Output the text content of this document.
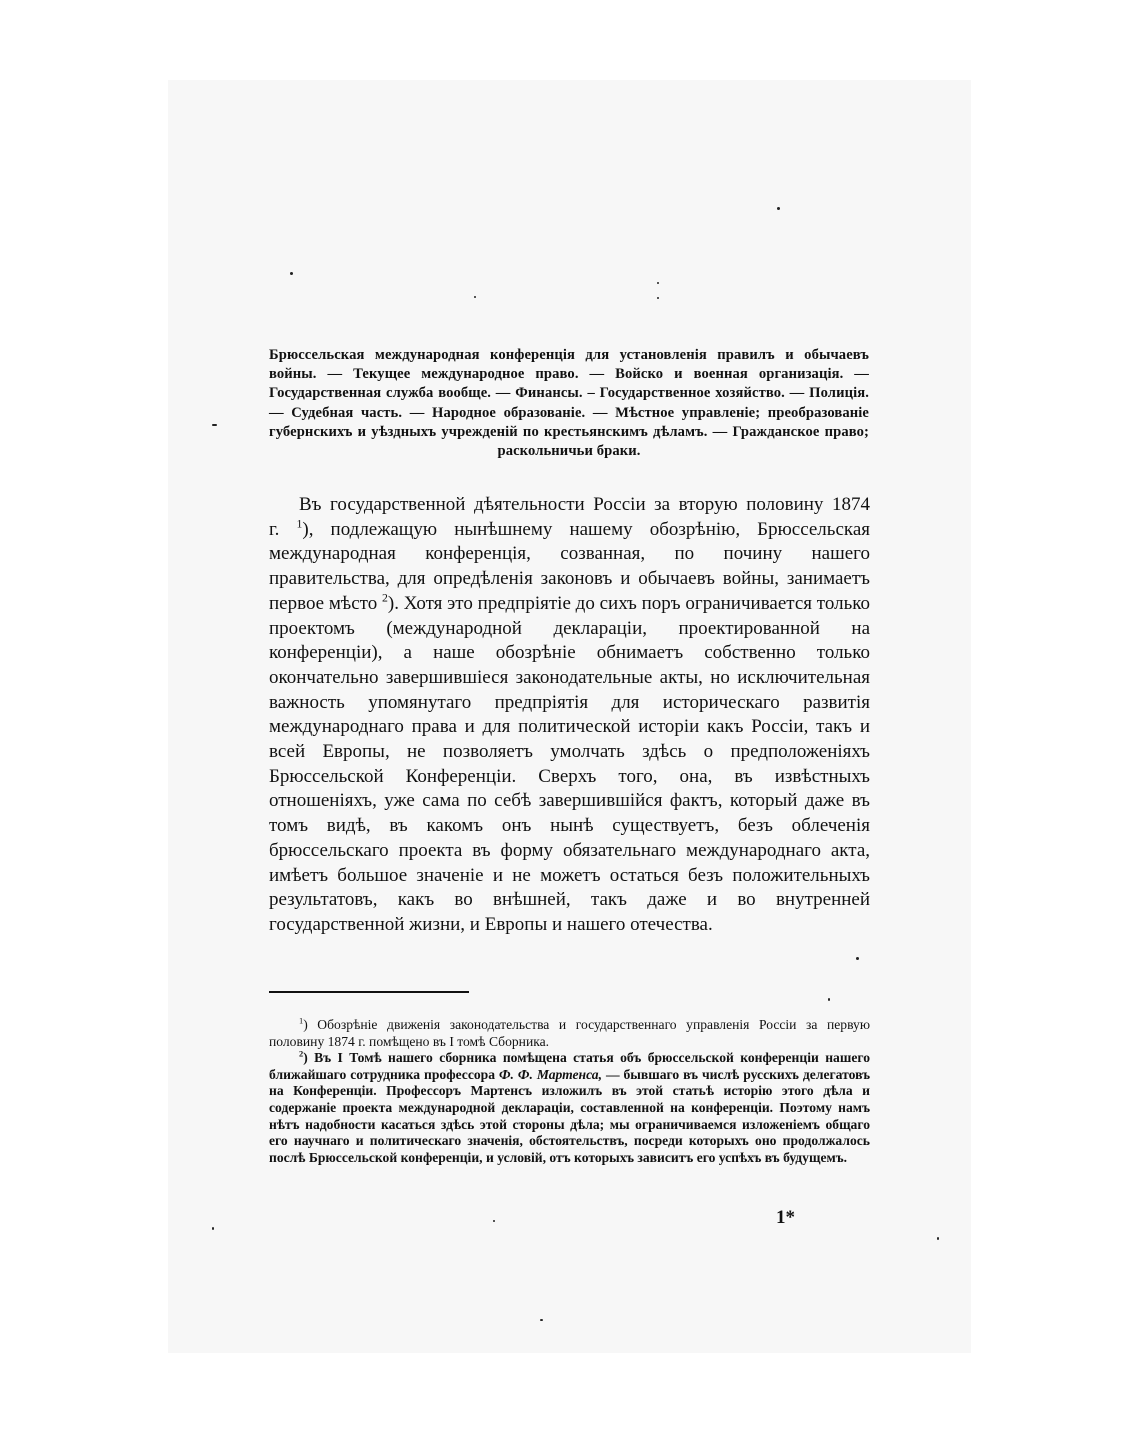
Брюссельская международная конференція для установленія правилъ и обычаевъ войны. — Текущее международное право. — Войско и военная организація. — Государственная служба вообще. — Финансы. – Государственное хозяйство. — Полиція. — Судебная часть. — Народное образованіе. — Мѣстное управленіе; преобразованіе губернскихъ и уѣздныхъ учрежденій по крестьянскимъ дѣламъ. — Гражданское право; раскольничьи браки.

Въ государственной дѣятельности Россіи за вторую половину 1874 г. $^1$), подлежащую нынѣшнему нашему обозрѣнію, Брюссельская международная конференція, созванная, по почину нашего правительства, для опредѣленія законовъ и обычаевъ войны, занимаетъ первое мѣсто $^2$). Хотя это предпріятіе до сихъ поръ ограничивается только проектомъ (международной деклараціи, проектированной на конференціи), а наше обозрѣніе обнимаетъ собственно только окончательно завершившіеся законодательные акты, но исключительная важность упомянутаго предпріятія для историческаго развитія международнаго права и для политической исторіи какъ Россіи, такъ и всей Европы, не позволяетъ умолчать здѣсь о предположеніяхъ Брюссельской Конференціи. Сверхъ того, она, въ извѣстныхъ отношеніяхъ, уже сама по себѣ завершившійся фактъ, который даже въ томъ видѣ, въ какомъ онъ нынѣ существуетъ, безъ облеченія брюссельскаго проекта въ форму обязательнаго международнаго акта, имѣетъ большое значеніе и не можетъ остаться безъ положительныхъ результатовъ, какъ во внѣшней, такъ даже и во внутренней государственной жизни, и Европы и нашего отечества.

$^1$) Обозрѣніе движенія законодательства и государственнаго управленія Россіи за первую половину 1874 г. помѣщено въ I томѣ Сборника.

$^2$) Въ I Томѣ нашего сборника помѣщена статья объ брюссельской конференціи нашего ближайшаго сотрудника профессора Ф. Ф. Мартенса, — бывшаго въ числѣ русскихъ делегатовъ на Конференціи. Профессоръ Мартенсъ изложилъ въ этой статьѣ исторію этого дѣла и содержаніе проекта международной деклараціи, составленной на конференціи. Поэтому намъ нѣтъ надобности касаться здѣсь этой стороны дѣла; мы ограничиваемся изложеніемъ общаго его научнаго и политическаго значенія, обстоятельствъ, посреди которыхъ оно продолжалось послѣ Брюссельской конференціи, и условій, отъ которыхъ зависитъ его успѣхъ въ будущемъ.

1*
